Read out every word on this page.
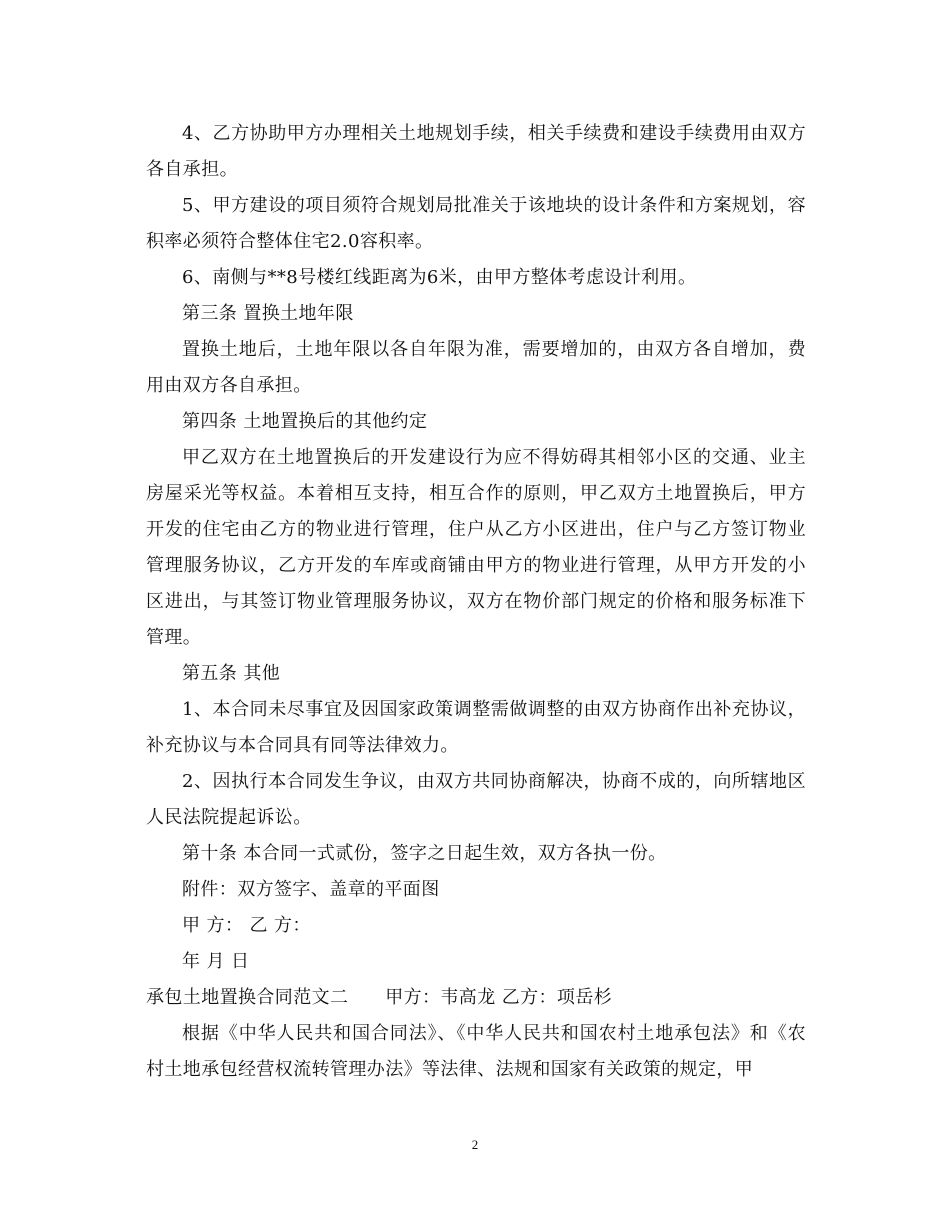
4、乙方协助甲方办理相关土地规划手续，相关手续费和建设手续费用由双方各自承担。

5、甲方建设的项目须符合规划局批准关于该地块的设计条件和方案规划，容积率必须符合整体住宅2.0容积率。

6、南侧与**8号楼红线距离为6米，由甲方整体考虑设计利用。

第三条 置换土地年限

置换土地后，土地年限以各自年限为准，需要增加的，由双方各自增加，费用由双方各自承担。

第四条 土地置换后的其他约定

甲乙双方在土地置换后的开发建设行为应不得妨碍其相邻小区的交通、业主房屋采光等权益。本着相互支持，相互合作的原则，甲乙双方土地置换后，甲方开发的住宅由乙方的物业进行管理，住户从乙方小区进出，住户与乙方签订物业管理服务协议，乙方开发的车库或商铺由甲方的物业进行管理，从甲方开发的小区进出，与其签订物业管理服务协议，双方在物价部门规定的价格和服务标准下管理。

第五条 其他

1、本合同未尽事宜及因国家政策调整需做调整的由双方协商作出补充协议，补充协议与本合同具有同等法律效力。

2、因执行本合同发生争议，由双方共同协商解决，协商不成的，向所辖地区人民法院提起诉讼。

第十条 本合同一式贰份，签字之日起生效，双方各执一份。

附件：双方签字、盖章的平面图

甲 方： 乙 方：

年 月 日

承包土地置换合同范文二　　甲方：韦高龙 乙方：项岳杉

根据《中华人民共和国合同法》、《中华人民共和国农村土地承包法》和《农村土地承包经营权流转管理办法》等法律、法规和国家有关政策的规定，甲

2
